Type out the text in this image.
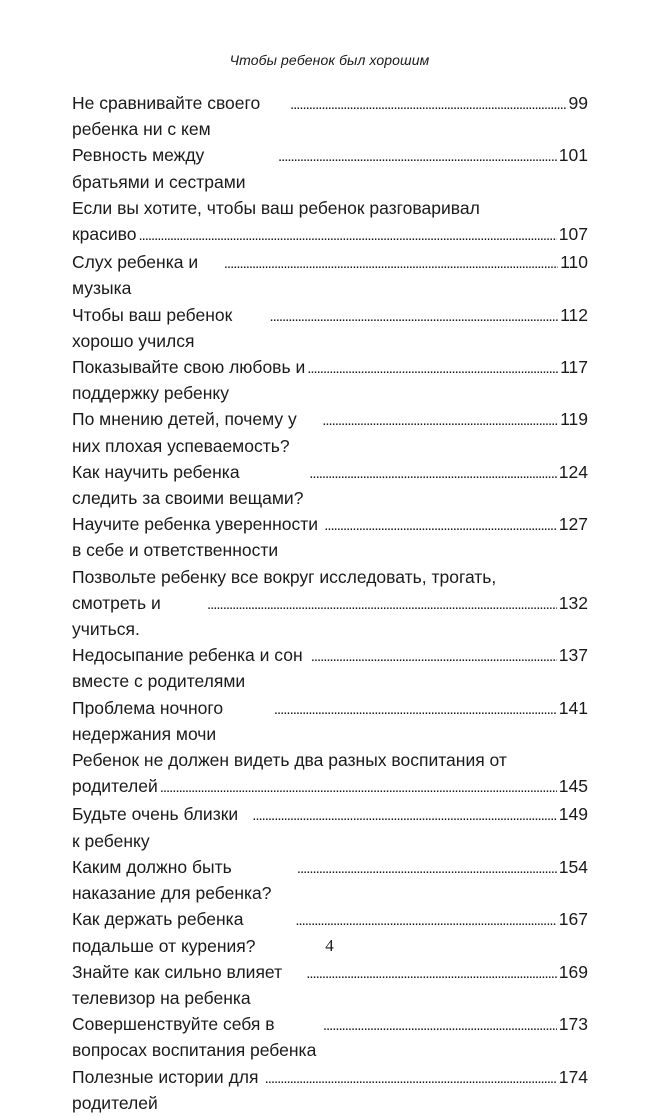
Чтобы ребенок был хорошим
Не сравнивайте своего ребенка ни с кем
. . .
99
Ревность между братьями и сестрами
. . .
101
Если вы хотите, чтобы ваш ребенок разговаривал
красиво . . .	107
Слух ребенка и музыка
. . .
110
Чтобы ваш ребенок хорошо учился
. . .
112
Показывайте свою любовь и поддержку ребенку
. . .
117
По мнению детей, почему у них плохая успеваемость?
. . .
119
Как научить ребенка следить за своими вещами?
. . .
124
Научите ребенка уверенности в себе и ответственности
. . .
127
Позвольте ребенку все вокруг исследовать, трогать,
смотреть и учиться.
. . .
132
Недосыпание ребенка и сон вместе с родителями
. . .
137
Проблема ночного недержания мочи
. . .
141
Ребенок не должен видеть два разных воспитания от
родителей . . .	145
Будьте очень близки к ребенку
. . .
149
Каким должно быть наказание для ребенка?
. . .
154
Как держать ребенка подальше от курения?
. . .
167
Знайте как сильно влияет телевизор на ребенка
. . .
169
Совершенствуйте себя в вопросах воспитания ребенка
. . .
173
Полезные истории для родителей
. . .
174
4
